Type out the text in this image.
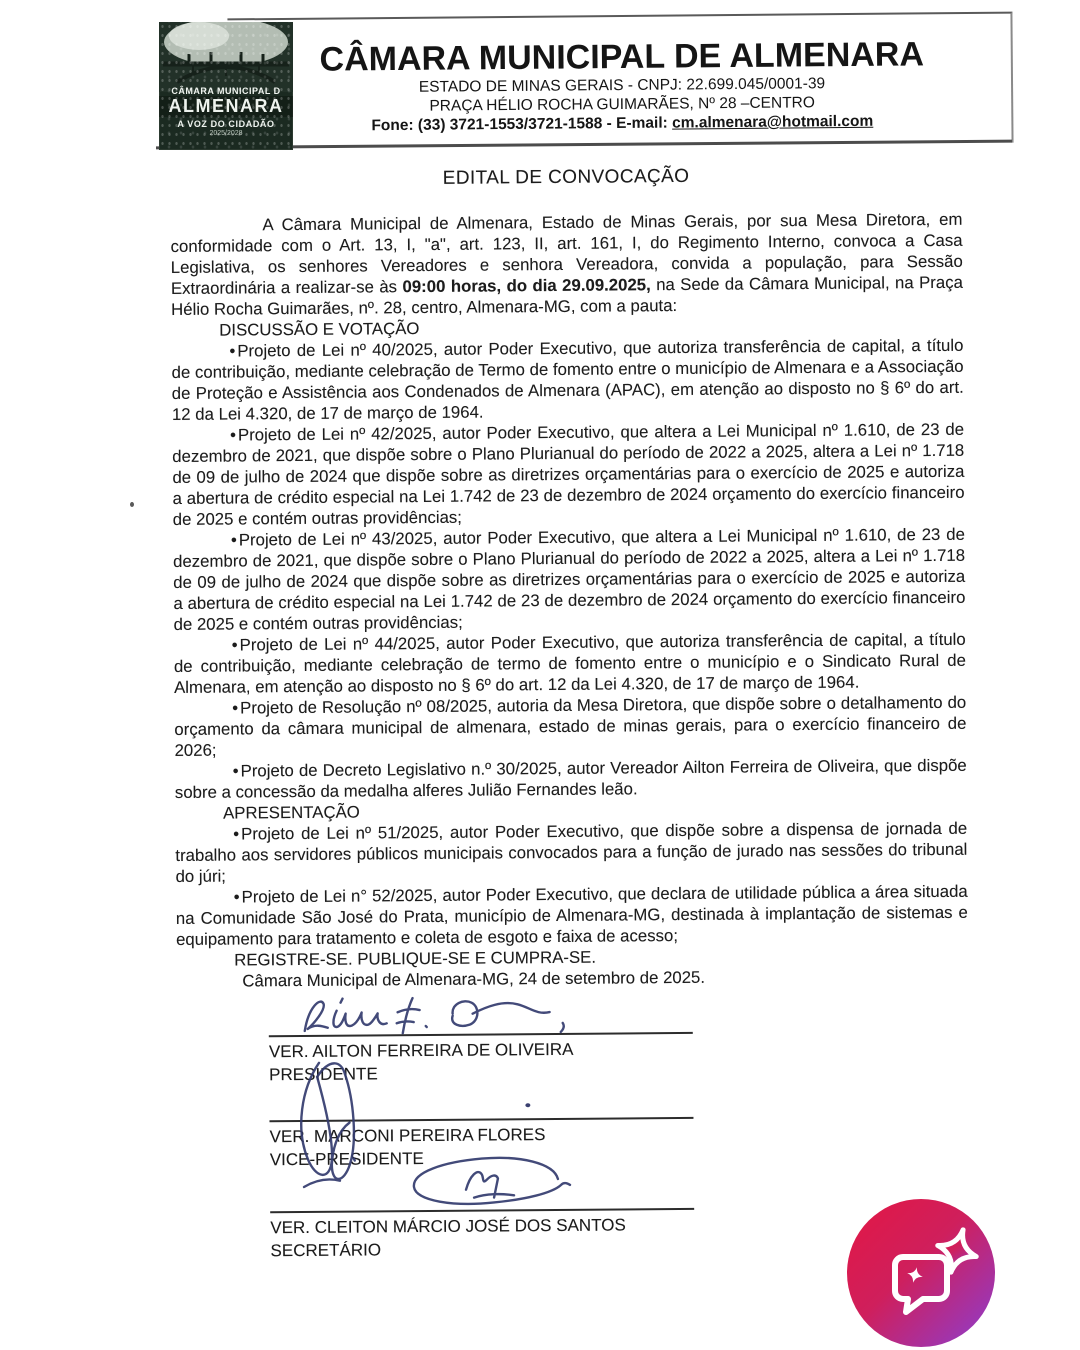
CÂMARA MUNICIPAL D
ALMENARA
A VOZ DO CIDADÃO
2025/2028
CÂMARA MUNICIPAL DE ALMENARA
ESTADO DE MINAS GERAIS - CNPJ: 22.699.045/0001-39
PRAÇA HÉLIO ROCHA GUIMARÃES, Nº 28 –CENTRO
Fone: (33) 3721-1553/3721-1588 - E-mail: cm.almenara@hotmail.com
EDITAL DE CONVOCAÇÃO

A Câmara Municipal de Almenara, Estado de Minas Gerais, por sua Mesa Diretora, em conformidade com o Art. 13, I, "a", art. 123, II, art. 161, I, do Regimento Interno, convoca a Casa Legislativa, os senhores Vereadores e senhora Vereadora, convida a população, para Sessão Extraordinária a realizar-se às 09:00 horas, do dia 29.09.2025, na Sede da Câmara Municipal, na Praça Hélio Rocha Guimarães, nº. 28, centro, Almenara-MG, com a pauta:

DISCUSSÃO E VOTAÇÃO

• Projeto de Lei nº 40/2025, autor Poder Executivo, que autoriza transferência de capital, a título de contribuição, mediante celebração de Termo de fomento entre o município de Almenara e a Associação de Proteção e Assistência aos Condenados de Almenara (APAC), em atenção ao disposto no § 6º do art. 12 da Lei 4.320, de 17 de março de 1964.

• Projeto de Lei nº 42/2025, autor Poder Executivo, que altera a Lei Municipal nº 1.610, de 23 de dezembro de 2021, que dispõe sobre o Plano Plurianual do período de 2022 a 2025, altera a Lei nº 1.718 de 09 de julho de 2024 que dispõe sobre as diretrizes orçamentárias para o exercício de 2025 e autoriza a abertura de crédito especial na Lei 1.742 de 23 de dezembro de 2024 orçamento do exercício financeiro de 2025 e contém outras providências;

• Projeto de Lei nº 43/2025, autor Poder Executivo, que altera a Lei Municipal nº 1.610, de 23 de dezembro de 2021, que dispõe sobre o Plano Plurianual do período de 2022 a 2025, altera a Lei nº 1.718 de 09 de julho de 2024 que dispõe sobre as diretrizes orçamentárias para o exercício de 2025 e autoriza a abertura de crédito especial na Lei 1.742 de 23 de dezembro de 2024 orçamento do exercício financeiro de 2025 e contém outras providências;

• Projeto de Lei nº 44/2025, autor Poder Executivo, que autoriza transferência de capital, a título de contribuição, mediante celebração de termo de fomento entre o município e o Sindicato Rural de Almenara, em atenção ao disposto no § 6º do art. 12 da Lei 4.320, de 17 de março de 1964.

• Projeto de Resolução nº 08/2025, autoria da Mesa Diretora, que dispõe sobre o detalhamento do orçamento da câmara municipal de almenara, estado de minas gerais, para o exercício financeiro de 2026;

• Projeto de Decreto Legislativo n.º 30/2025, autor Vereador Ailton Ferreira de Oliveira, que dispõe sobre a concessão da medalha alferes Julião Fernandes leão.

APRESENTAÇÃO

• Projeto de Lei nº 51/2025, autor Poder Executivo, que dispõe sobre a dispensa de jornada de trabalho aos servidores públicos municipais convocados para a função de jurado nas sessões do tribunal do júri;

• Projeto de Lei n° 52/2025, autor Poder Executivo, que declara de utilidade pública a área situada na Comunidade São José do Prata, município de Almenara-MG, destinada à implantação de sistemas e equipamento para tratamento e coleta de esgoto e faixa de acesso;

REGISTRE-SE. PUBLIQUE-SE E CUMPRA-SE.
Câmara Municipal de Almenara-MG, 24 de setembro de 2025.
VER. AILTON FERREIRA DE OLIVEIRA
PRESIDENTE
VER. MARCONI PEREIRA FLORES
VICE-PRESIDENTE
VER. CLEITON MÁRCIO JOSÉ DOS SANTOS
SECRETÁRIO
